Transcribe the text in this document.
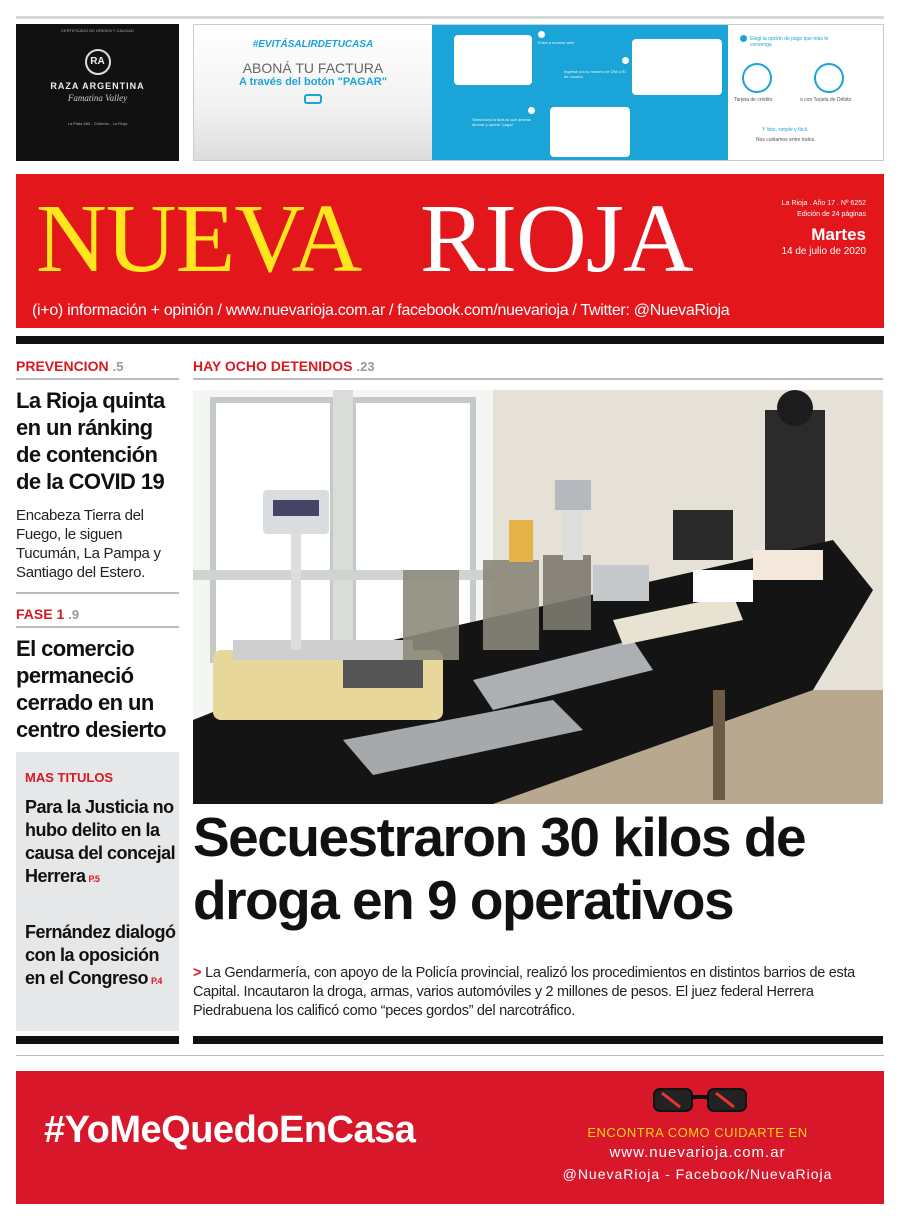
CERTIFICADO DE ORIGEN Y CALIDAD
RA
RAZA ARGENTINA
Famatina Valley
La Plata 685 - Chilecito - La Rioja
#EVITÁSALIRDETUCASA
ABONÁ TU FACTURA
A través del botón "PAGAR"
Entrá a nuestra web
Ingresá con tu número de DNI o ID de usuario
Seleccioná la factura que deseás abonar y apretá "pagar"
Elegí la opción de pago que más te convenga
Tarjeta de crédito	o con Tarjeta de Débito
Y listo, simple y fácil.
Nos cuidamos entre todos.
NUEVA RIOJA
(i+o) información + opinión / www.nuevarioja.com.ar / facebook.com/nuevarioja / Twitter: @NuevaRioja
La Rioja . Año 17 . Nº 6252
Edición de 24 páginas
Martes
14 de julio de 2020
PREVENCION .5
La Rioja quinta en un ránking de contención de la COVID 19
Encabeza Tierra del Fuego, le siguen Tucumán, La Pampa y Santiago del Estero.
FASE 1 .9
El comercio permaneció cerrado en un centro desierto
MAS TITULOS
Para la Justicia no hubo delito en la causa del concejal Herrera P.5
Fernández dialogó con la oposición en el Congreso P.4
HAY OCHO DETENIDOS .23
Secuestraron 30 kilos de droga en 9 operativos
> La Gendarmería, con apoyo de la Policía provincial, realizó los procedimientos en distintos barrios de esta Capital. Incautaron la droga, armas, varios automóviles y 2 millones de pesos. El juez federal Herrera Piedrabuena los calificó como “peces gordos” del narcotráfico.
#YoMeQuedoEnCasa	ENCONTRA COMO CUIDARTE EN
www.nuevarioja.com.ar
@NuevaRioja - Facebook/NuevaRioja
